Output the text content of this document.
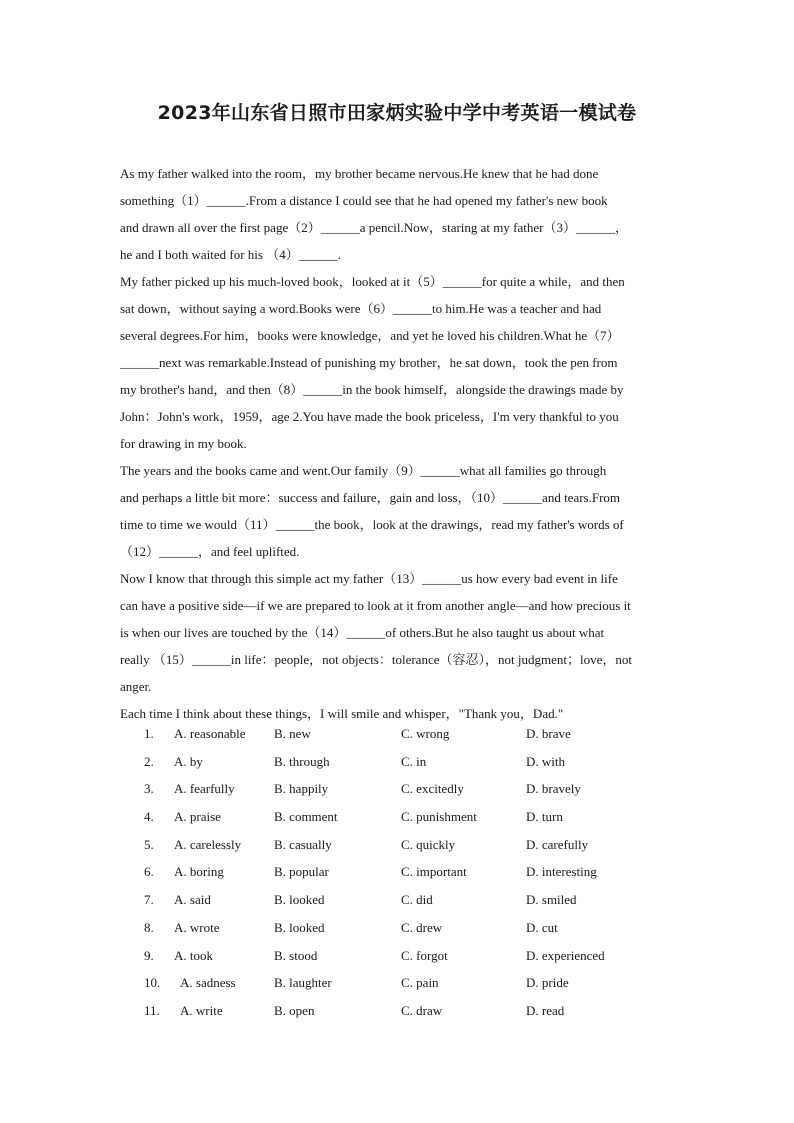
2023年山东省日照市田家炳实验中学中考英语一模试卷
As my father walked into the room，my brother became nervous.He knew that he had done
something（1）______.From a distance I could see that he had opened my father's new book
and drawn all over the first page（2）______a pencil.Now，staring at my father（3）______，
he and I both waited for his （4）______.
My father picked up his much-loved book，looked at it（5）______for quite a while，and then
sat down，without saying a word.Books were（6）______to him.He was a teacher and had
several degrees.For him，books were knowledge，and yet he loved his children.What he（7）
______next was remarkable.Instead of punishing my brother，he sat down，took the pen from
my brother's hand，and then（8）______in the book himself，alongside the drawings made by
John：John's work，1959，age 2.You have made the book priceless，I'm very thankful to you
for drawing in my book.
The years and the books came and went.Our family（9）______what all families go through
and perhaps a little bit more：success and failure，gain and loss，（10）______and tears.From
time to time we would（11）______the book，look at the drawings，read my father's words of
（12）______，and feel uplifted.
Now I know that through this simple act my father（13）______us how every bad event in life
can have a positive side—if we are prepared to look at it from another angle—and how precious it
is when our lives are touched by the（14）______of others.But he also taught us about what
really （15）______in life：people，not objects：tolerance（容忍），not judgment；love，not
anger.
Each time I think about these things，I will smile and whisper，"Thank you，Dad."
1. A. reasonable B. new	C. wrong	D. brave
2. A. by	B. through	C. in	D. with
3. A. fearfully	B. happily	C. excitedly	D. bravely
4. A. praise	B. comment	C. punishment	D. turn
5. A. carelessly	B. casually	C. quickly	D. carefully
6. A. boring	B. popular	C. important	D. interesting
7. A. said	B. looked	C. did	D. smiled
8. A. wrote	B. looked	C. drew	D. cut
9. A. took	B. stood	C. forgot	D. experienced
10. A. sadness	B. laughter	C. pain	D. pride
11. A. write	B. open	C. draw	D. read
